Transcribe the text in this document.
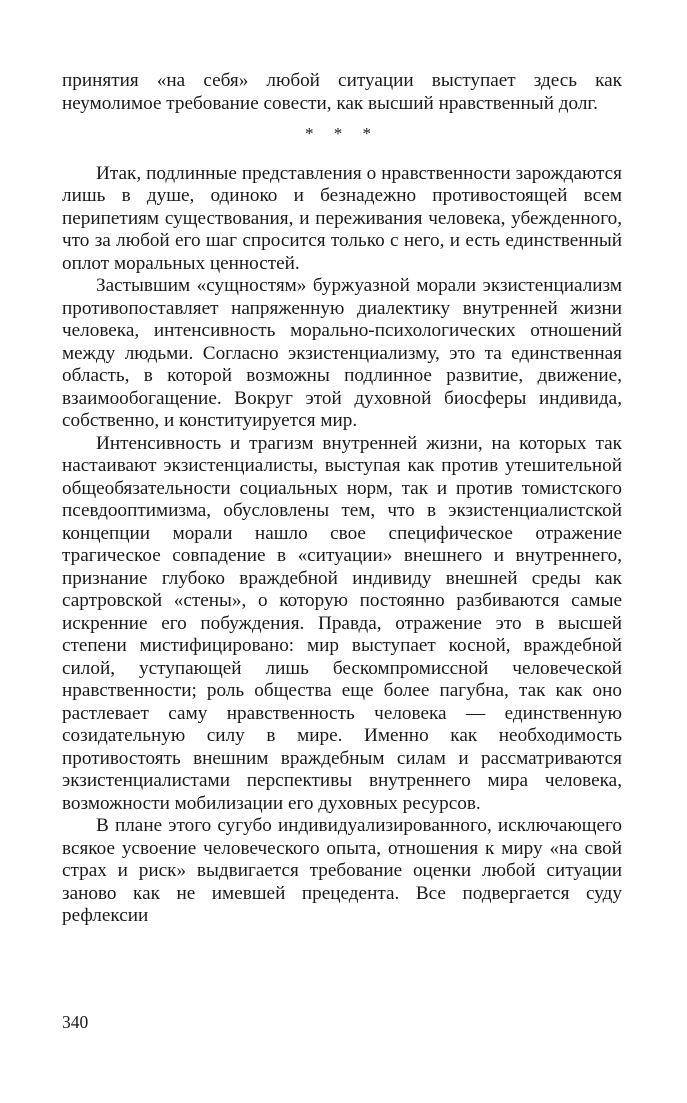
принятия «на себя» любой ситуации выступает здесь как неумолимое требование совести, как высший нравственный долг.

* * *

Итак, подлинные представления о нравственности зарождаются лишь в душе, одиноко и безнадежно противостоящей всем перипетиям существования, и переживания человека, убежденного, что за любой его шаг спросится только с него, и есть единственный оплот моральных ценностей.

Застывшим «сущностям» буржуазной морали экзистенциализм противопоставляет напряженную диалектику внутренней жизни человека, интенсивность морально-психологических отношений между людьми. Согласно экзистенциализму, это та единственная область, в которой возможны подлинное развитие, движение, взаимообогащение. Вокруг этой духовной биосферы индивида, собственно, и конституируется мир.

Интенсивность и трагизм внутренней жизни, на которых так настаивают экзистенциалисты, выступая как против утешительной общеобязательности социальных норм, так и против томистского псевдооптимизма, обусловлены тем, что в экзистенциалистской концепции морали нашло свое специфическое отражение трагическое совпадение в «ситуации» внешнего и внутреннего, признание глубоко враждебной индивиду внешней среды как сартровской «стены», о которую постоянно разбиваются самые искренние его побуждения. Правда, отражение это в высшей степени мистифицировано: мир выступает косной, враждебной силой, уступающей лишь бескомпромиссной человеческой нравственности; роль общества еще более пагубна, так как оно растлевает саму нравственность человека — единственную созидательную силу в мире. Именно как необходимость противостоять внешним враждебным силам и рассматриваются экзистенциалистами перспективы внутреннего мира человека, возможности мобилизации его духовных ресурсов.

В плане этого сугубо индивидуализированного, исключающего всякое усвоение человеческого опыта, отношения к миру «на свой страх и риск» выдвигается требование оценки любой ситуации заново как не имевшей прецедента. Все подвергается суду рефлексии

340
